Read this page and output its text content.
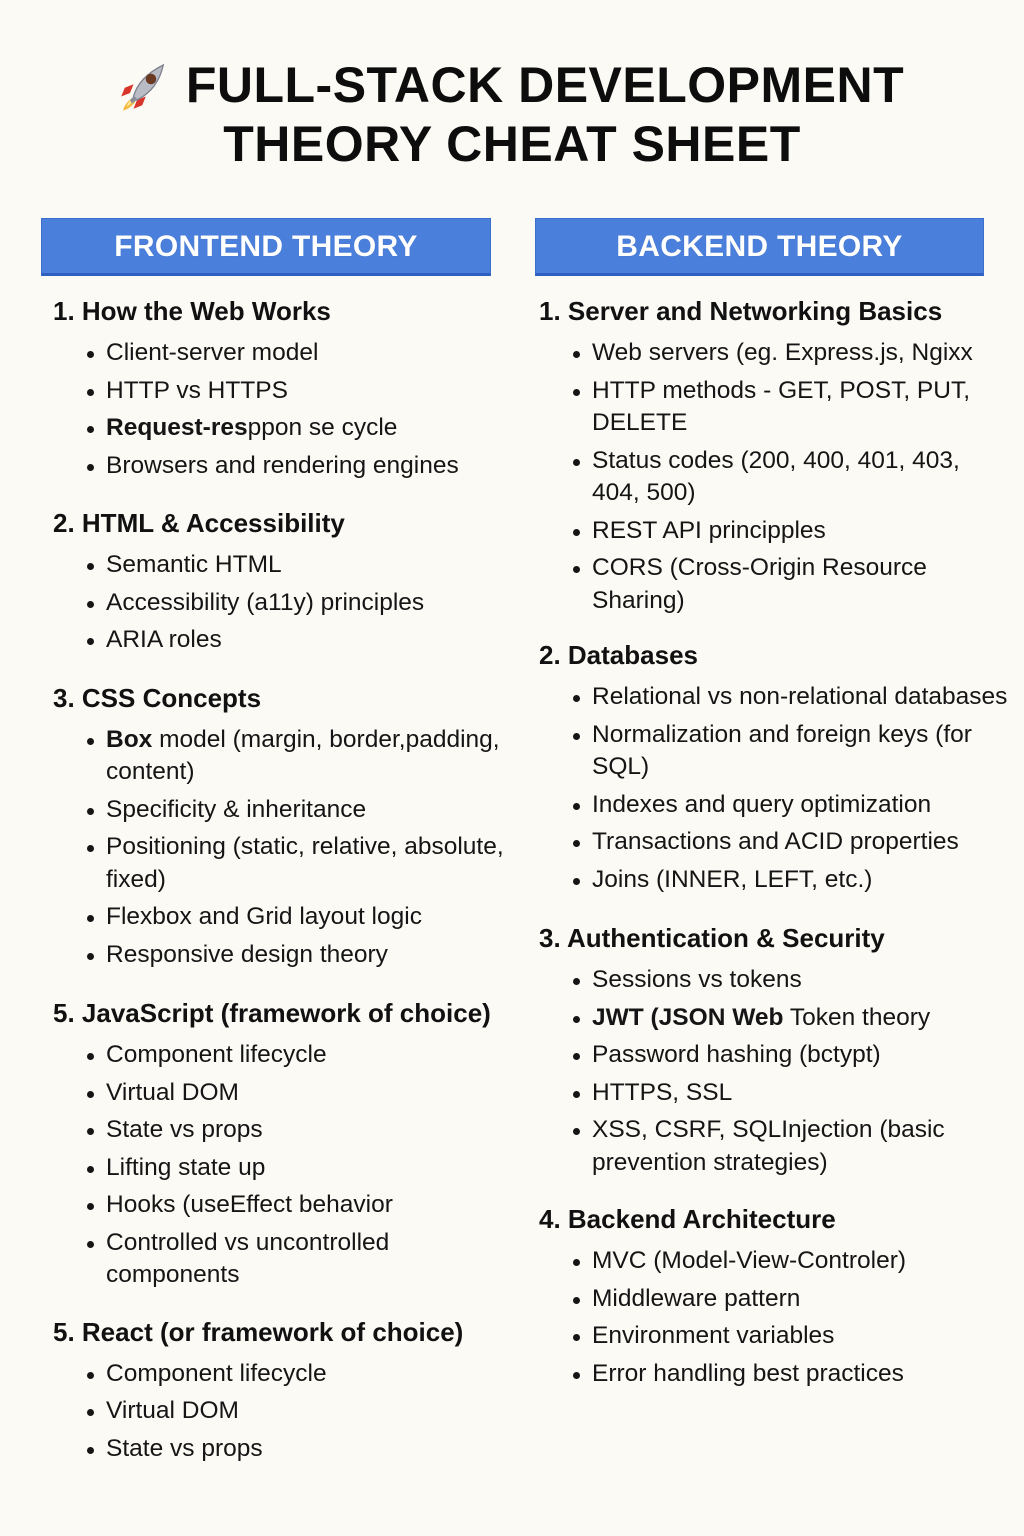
FULL-STACK DEVELOPMENT
THEORY CHEAT SHEET
FRONTEND THEORY	BACKEND THEORY
1. How the Web Works
Client-server model
HTTP vs HTTPS
Request-resppon se cycle
Browsers and rendering engines
2. HTML & Accessibility
Semantic HTML
Accessibility (a11y) principles
ARIA roles
3. CSS Concepts
Box model (margin, border,padding, content)
Specificity & inheritance
Positioning (static, relative, absolute, fixed)
Flexbox and Grid layout logic
Responsive design theory
5. JavaScript (framework of choice)
Component lifecycle
Virtual DOM
State vs props
Lifting state up
Hooks (useEffect behavior
Controlled vs uncontrolled components
5. React (or framework of choice)
Component lifecycle
Virtual DOM
State vs props
1. Server and Networking Basics
Web servers (eg. Express.js, Ngixx
HTTP methods - GET, POST, PUT, DELETE
Status codes (200, 400, 401, 403, 404, 500)
REST API principples
CORS (Cross-Origin Resource Sharing)
2. Databases
Relational vs non-relational databases
Normalization and foreign keys (for SQL)
Indexes and query optimization
Transactions and ACID properties
Joins (INNER, LEFT, etc.)
3. Authentication & Security
Sessions vs tokens
JWT (JSON Web Token theory
Password hashing (bctypt)
HTTPS, SSL
XSS, CSRF, SQLInjection (basic prevention strategies)
4. Backend Architecture
MVC (Model-View-Controler)
Middleware pattern
Environment variables
Error handling best practices
